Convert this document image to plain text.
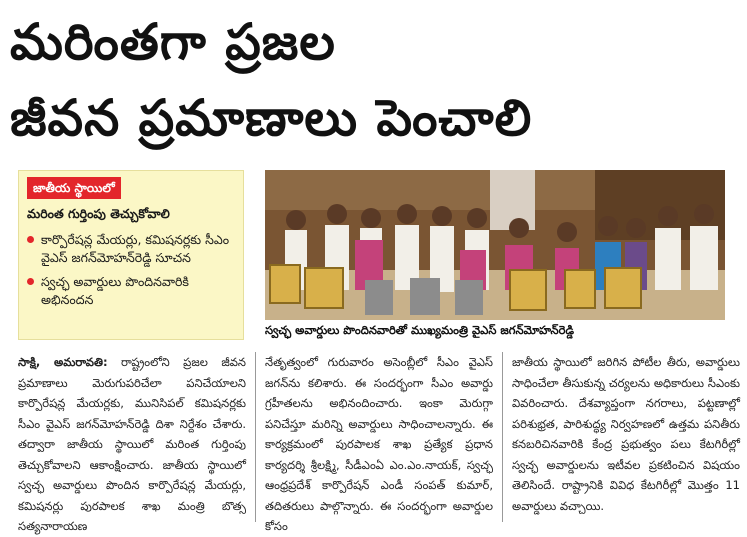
మరింతగా ప్రజల
జీవన ప్రమాణాలు పెంచాలి
జాతీయ స్థాయిలో
మరింత గుర్తింపు తెచ్చుకోవాలి
కార్పొరేషన్ల మేయర్లు, కమిషనర్లకు సీఎం వైఎస్ జగన్‌మోహన్‌రెడ్డి సూచన
స్వచ్ఛ అవార్డులు పొందినవారికి అభినందన
స్వచ్ఛ అవార్డులు పొందినవారితో ముఖ్యమంత్రి వైఎస్ జగన్‌మోహన్‌రెడ్డి
సాక్షి, అమరావతి: రాష్ట్రంలోని ప్రజల జీవన ప్రమాణాలు మెరుగుపరిచేలా పనిచేయాలని కార్పొరేషన్ల మేయర్లకు, మునిసిపల్ కమిషనర్లకు సీఎం వైఎస్ జగన్‌మోహన్‌రెడ్డి దిశా నిర్దేశం చేశారు. తద్వారా జాతీయ స్థాయిలో మరింత గుర్తింపు తెచ్చుకోవాలని ఆకాంక్షించారు. జాతీయ స్థాయిలో స్వచ్ఛ అవార్డులు పొందిన కార్పొరేషన్ల మేయర్లు, కమిషనర్లు పురపాలక శాఖ మంత్రి బొత్స సత్యనారాయణ
నేతృత్వంలో గురువారం అసెంబ్లీలో సీఎం వైఎస్ జగన్‌ను కలిశారు. ఈ సందర్భంగా సీఎం అవార్డు గ్రహీతలను అభినందించారు. ఇంకా మెరుగ్గా పనిచేస్తూ మరిన్ని అవార్డులు సాధించాలన్నారు. ఈ కార్యక్రమంలో పురపాలక శాఖ ప్రత్యేక ప్రధాన కార్యదర్శి శ్రీలక్ష్మి, సీడీఎంఏ ఎం.ఎం.నాయక్, స్వచ్ఛ ఆంధ్రప్రదేశ్ కార్పొరేషన్ ఎండీ సంపత్ కుమార్, తదితరులు పాల్గొన్నారు. ఈ సందర్భంగా అవార్డుల కోసం
జాతీయ స్థాయిలో జరిగిన పోటీల తీరు, అవార్డులు సాధించేలా తీసుకున్న చర్యలను అధికారులు సీఎంకు వివరించారు. దేశవ్యాప్తంగా నగరాలు, పట్టణాల్లో పరిశుభ్రత, పారిశుద్ధ్య నిర్వహణలో ఉత్తమ పనితీరు కనబరిచినవారికి కేంద్ర ప్రభుత్వం పలు కేటగిరీల్లో స్వచ్ఛ అవార్డులను ఇటీవల ప్రకటించిన విషయం తెలిసిందే. రాష్ట్రానికి వివిధ కేటగిరీల్లో మొత్తం 11 అవార్డులు వచ్చాయి.
